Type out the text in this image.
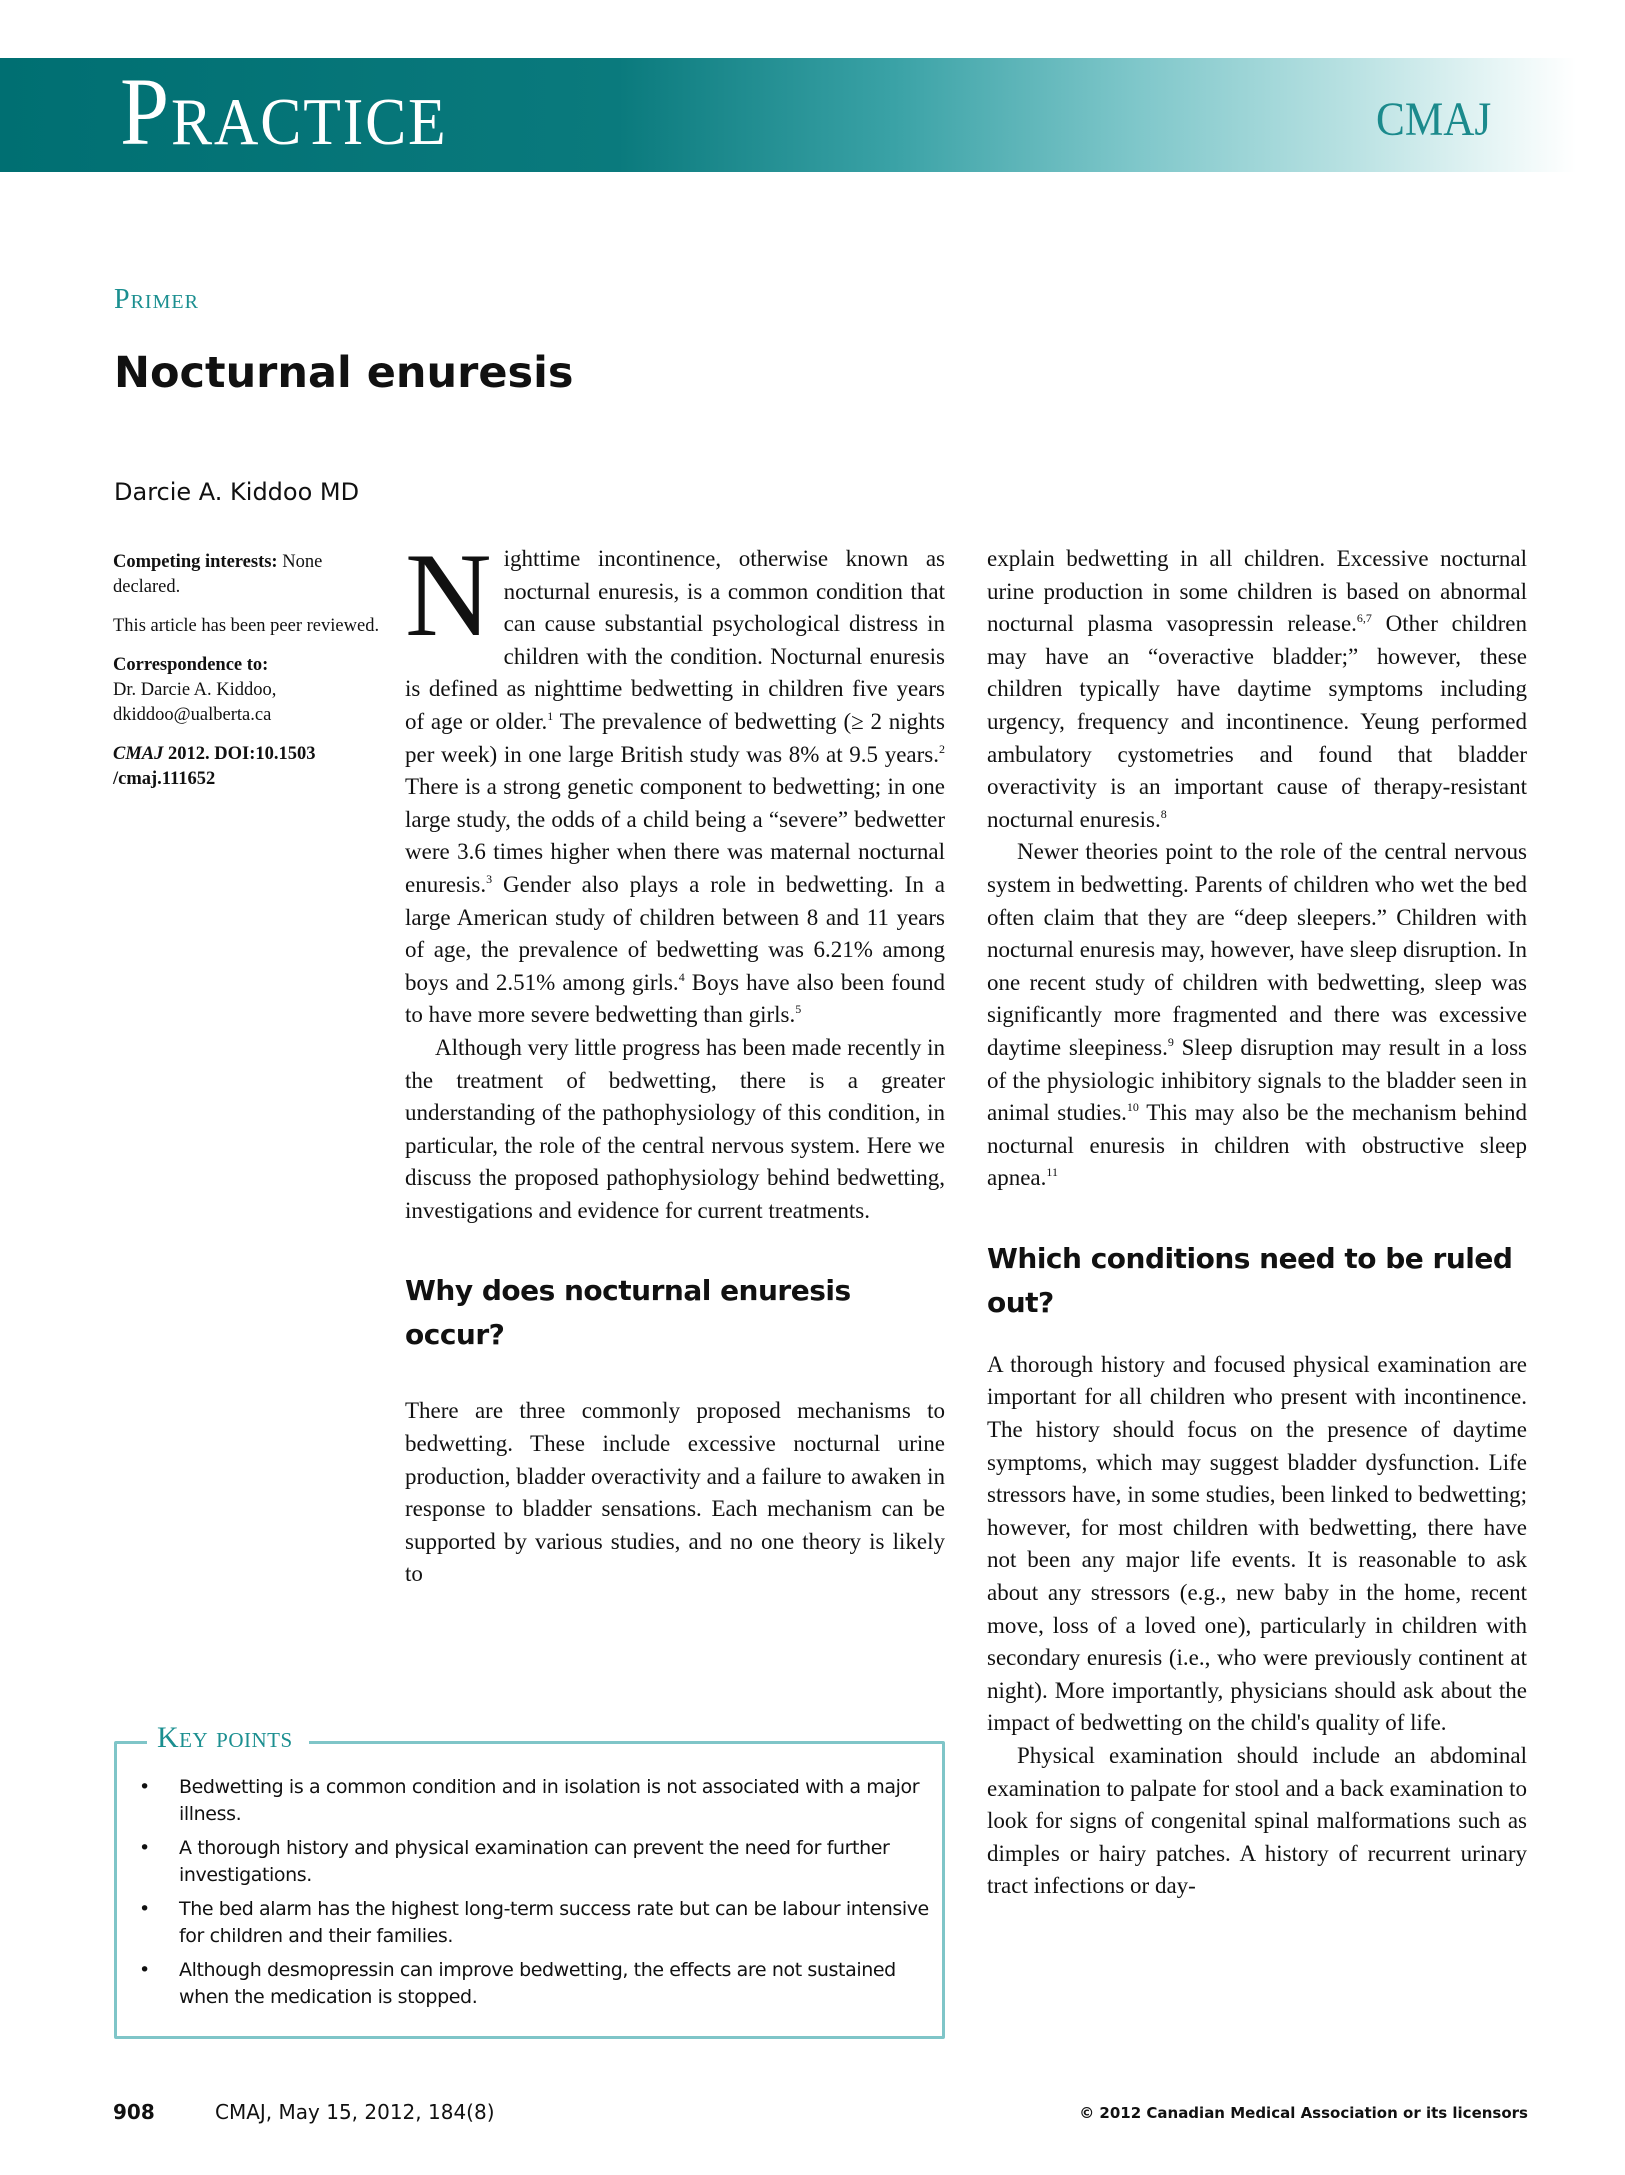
Practice	CMAJ
Primer
Nocturnal enuresis
Darcie A. Kiddoo MD

Competing interests: None declared.

This article has been peer reviewed.

Correspondence to:
Dr. Darcie A. Kiddoo,
dkiddoo@ualberta.ca

CMAJ 2012. DOI:10.1503 /cmaj.111652

Nighttime incontinence, otherwise known as nocturnal enuresis, is a common condition that can cause substantial psychological distress in children with the condition. Nocturnal enuresis is defined as nighttime bedwetting in children five years of age or older.$^1$ The prevalence of bedwetting (≥ 2 nights per week) in one large British study was 8% at 9.5 years.$^2$ There is a strong genetic component to bedwetting; in one large study, the odds of a child being a “severe” bedwetter were 3.6 times higher when there was maternal nocturnal enuresis.$^3$ Gender also plays a role in bedwetting. In a large American study of children between 8 and 11 years of age, the prevalence of bedwetting was 6.21% among boys and 2.51% among girls.$^4$ Boys have also been found to have more severe bedwetting than girls.$^5$

Although very little progress has been made recently in the treatment of bedwetting, there is a greater understanding of the pathophysiology of this condition, in particular, the role of the central nervous system. Here we discuss the proposed pathophysiology behind bedwetting, investigations and evidence for current treatments.

Why does nocturnal enuresis occur?

There are three commonly proposed mechanisms to bedwetting. These include excessive nocturnal urine production, bladder overactivity and a failure to awaken in response to bladder sensations. Each mechanism can be supported by various studies, and no one theory is likely to

explain bedwetting in all children. Excessive nocturnal urine production in some children is based on abnormal nocturnal plasma vasopressin release.$^{6,7}$ Other children may have an “overactive bladder;” however, these children typically have daytime symptoms including urgency, frequency and incontinence. Yeung performed ambulatory cystometries and found that bladder overactivity is an important cause of therapy-resistant nocturnal enuresis.$^8$

Newer theories point to the role of the central nervous system in bedwetting. Parents of children who wet the bed often claim that they are “deep sleepers.” Children with nocturnal enuresis may, however, have sleep disruption. In one recent study of children with bedwetting, sleep was significantly more fragmented and there was excessive daytime sleepiness.$^9$ Sleep disruption may result in a loss of the physiologic inhibitory signals to the bladder seen in animal studies.$^{10}$ This may also be the mechanism behind nocturnal enuresis in children with obstructive sleep apnea.$^{11}$

Which conditions need to be ruled out?

A thorough history and focused physical examination are important for all children who present with incontinence. The history should focus on the presence of daytime symptoms, which may suggest bladder dysfunction. Life stressors have, in some studies, been linked to bedwetting; however, for most children with bedwetting, there have not been any major life events. It is reasonable to ask about any stressors (e.g., new baby in the home, recent move, loss of a loved one), particularly in children with secondary enuresis (i.e., who were previously continent at night). More importantly, physicians should ask about the impact of bedwetting on the child's quality of life.

Physical examination should include an abdominal examination to palpate for stool and a back examination to look for signs of congenital spinal malformations such as dimples or hairy patches. A history of recurrent urinary tract infections or day-

Key points
• Bedwetting is a common condition and in isolation is not associated with a major illness.
• A thorough history and physical examination can prevent the need for further investigations.
• The bed alarm has the highest long-term success rate but can be labour intensive for children and their families.
• Although desmopressin can improve bedwetting, the effects are not sustained when the medication is stopped.
908	CMAJ, May 15, 2012, 184(8)	© 2012 Canadian Medical Association or its licensors
